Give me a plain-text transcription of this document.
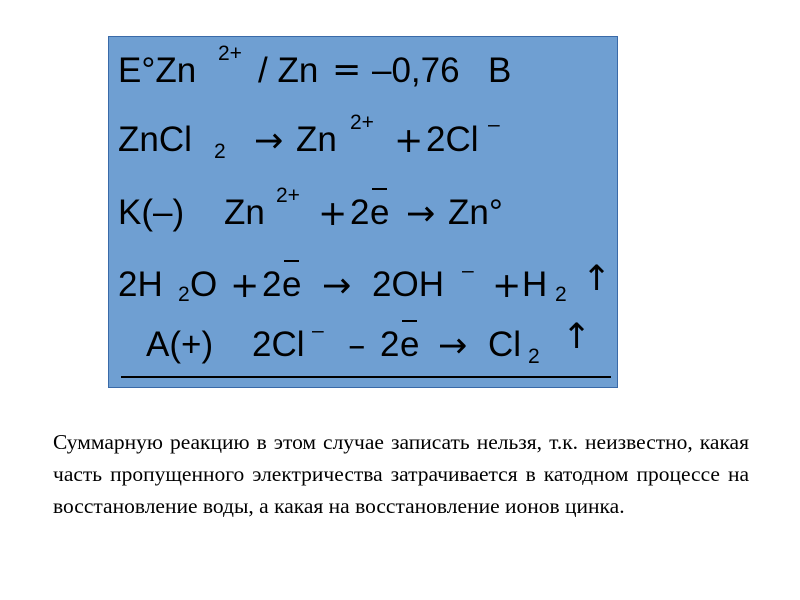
E°Zn 2+ / Zn = –0,76 В
ZnCl 2 → Zn 2+ + 2Cl –
K(–) Zn 2+ + 2 e → Zn°
2H 2 O + 2 e → 2OH – + H 2 ↑
A(+) 2Cl – – 2 e → Cl 2 ↑

Суммарную реакцию в этом случае записать нельзя, т.к. неизвестно, какая часть пропущенного электричества затрачивается в катодном процессе на восстановление воды, а какая на восстановление ионов цинка.
